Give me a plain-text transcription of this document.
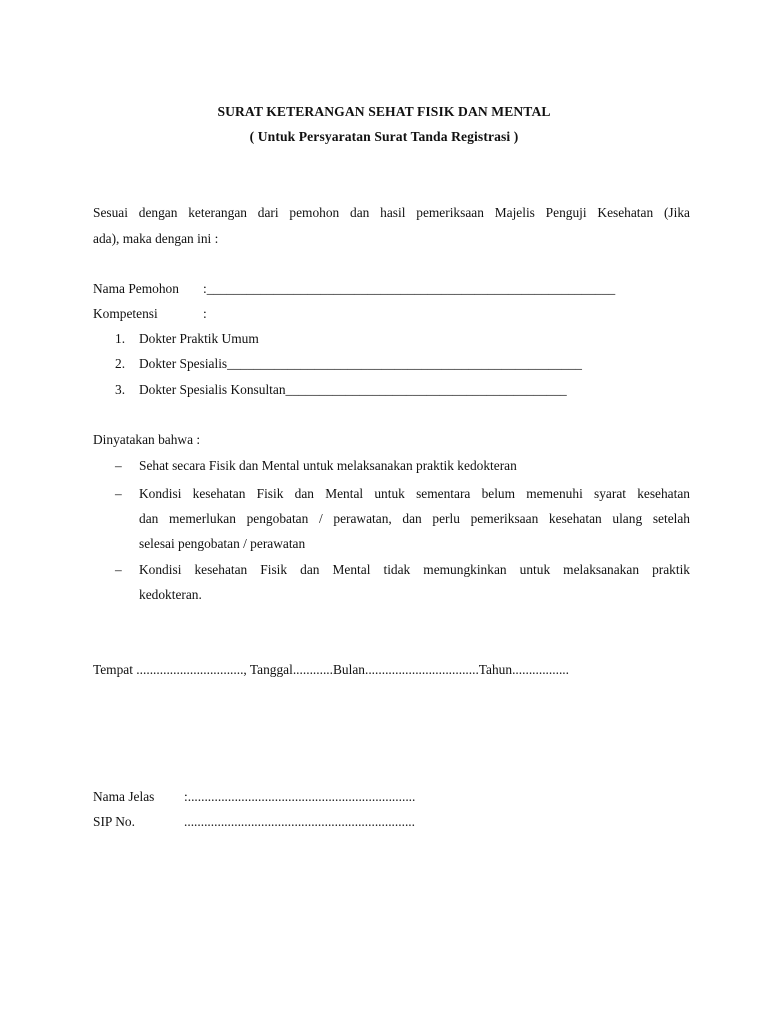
SURAT KETERANGAN SEHAT FISIK DAN MENTAL
( Untuk Persyaratan Surat Tanda Registrasi )
Sesuai dengan keterangan dari pemohon dan hasil pemeriksaan Majelis Penguji Kesehatan (Jika
ada), maka dengan ini :
Nama Pemohon :_____________________________________________________________
Kompetensi	:
1. Dokter Praktik Umum
2. Dokter Spesialis_____________________________________________________
3. Dokter Spesialis Konsultan__________________________________________
Dinyatakan bahwa :
– Sehat secara Fisik dan Mental untuk melaksanakan praktik kedokteran
– Kondisi kesehatan Fisik dan Mental untuk sementara belum memenuhi syarat kesehatan
dan memerlukan pengobatan / perawatan, dan perlu pemeriksaan kesehatan ulang setelah
selesai pengobatan / perawatan
– Kondisi kesehatan Fisik dan Mental tidak memungkinkan untuk melaksanakan praktik
kedokteran.
Tempat ................................, Tanggal............Bulan..................................Tahun.................
Nama Jelas :....................................................................
SIP No.	.....................................................................
